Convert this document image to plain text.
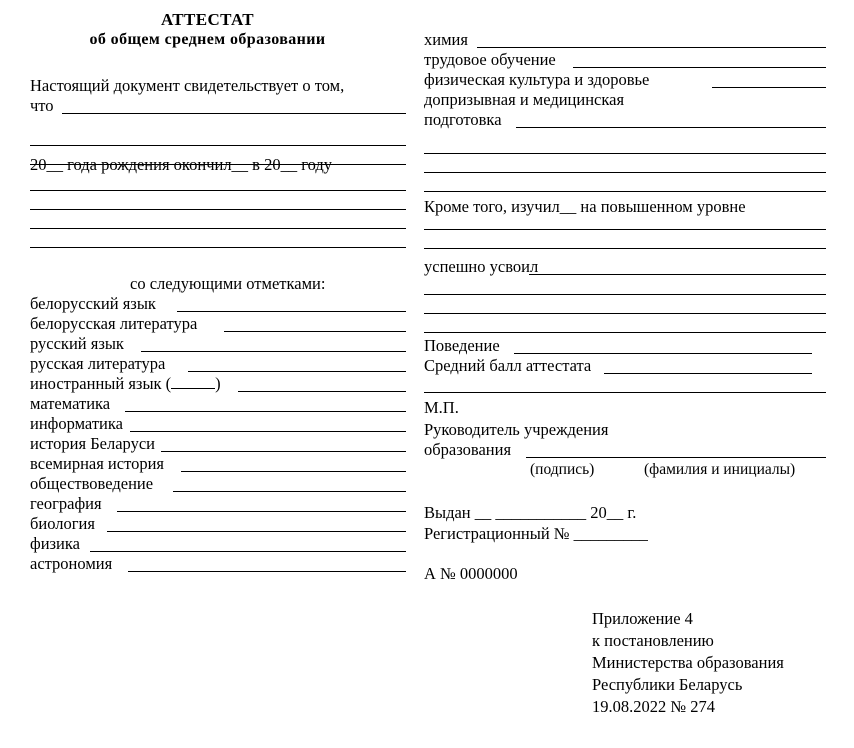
АТТЕСТАТ
об общем среднем образовании
Настоящий документ свидетельствует о том,
что
20__ года рождения окончил__ в 20__ году
со следующими отметками:
белорусский язык
белорусская литература
русский язык
русская литература
иностранный язык (	)
математика
информатика
история Беларуси
всемирная история
обществоведение
география
биология
физика
астрономия
химия
трудовое обучение
физическая культура и здоровье
допризывная и медицинская
подготовка
Кроме того, изучил__ на повышенном уровне
успешно усвоил
Поведение
Средний балл аттестата
М.П.
Руководитель учреждения
образования
(подпись)	(фамилия и инициалы)
Выдан __ ___________ 20__ г.
Регистрационный № _________
А № 0000000
Приложение 4
к постановлению
Министерства образования
Республики Беларусь
19.08.2022 № 274
